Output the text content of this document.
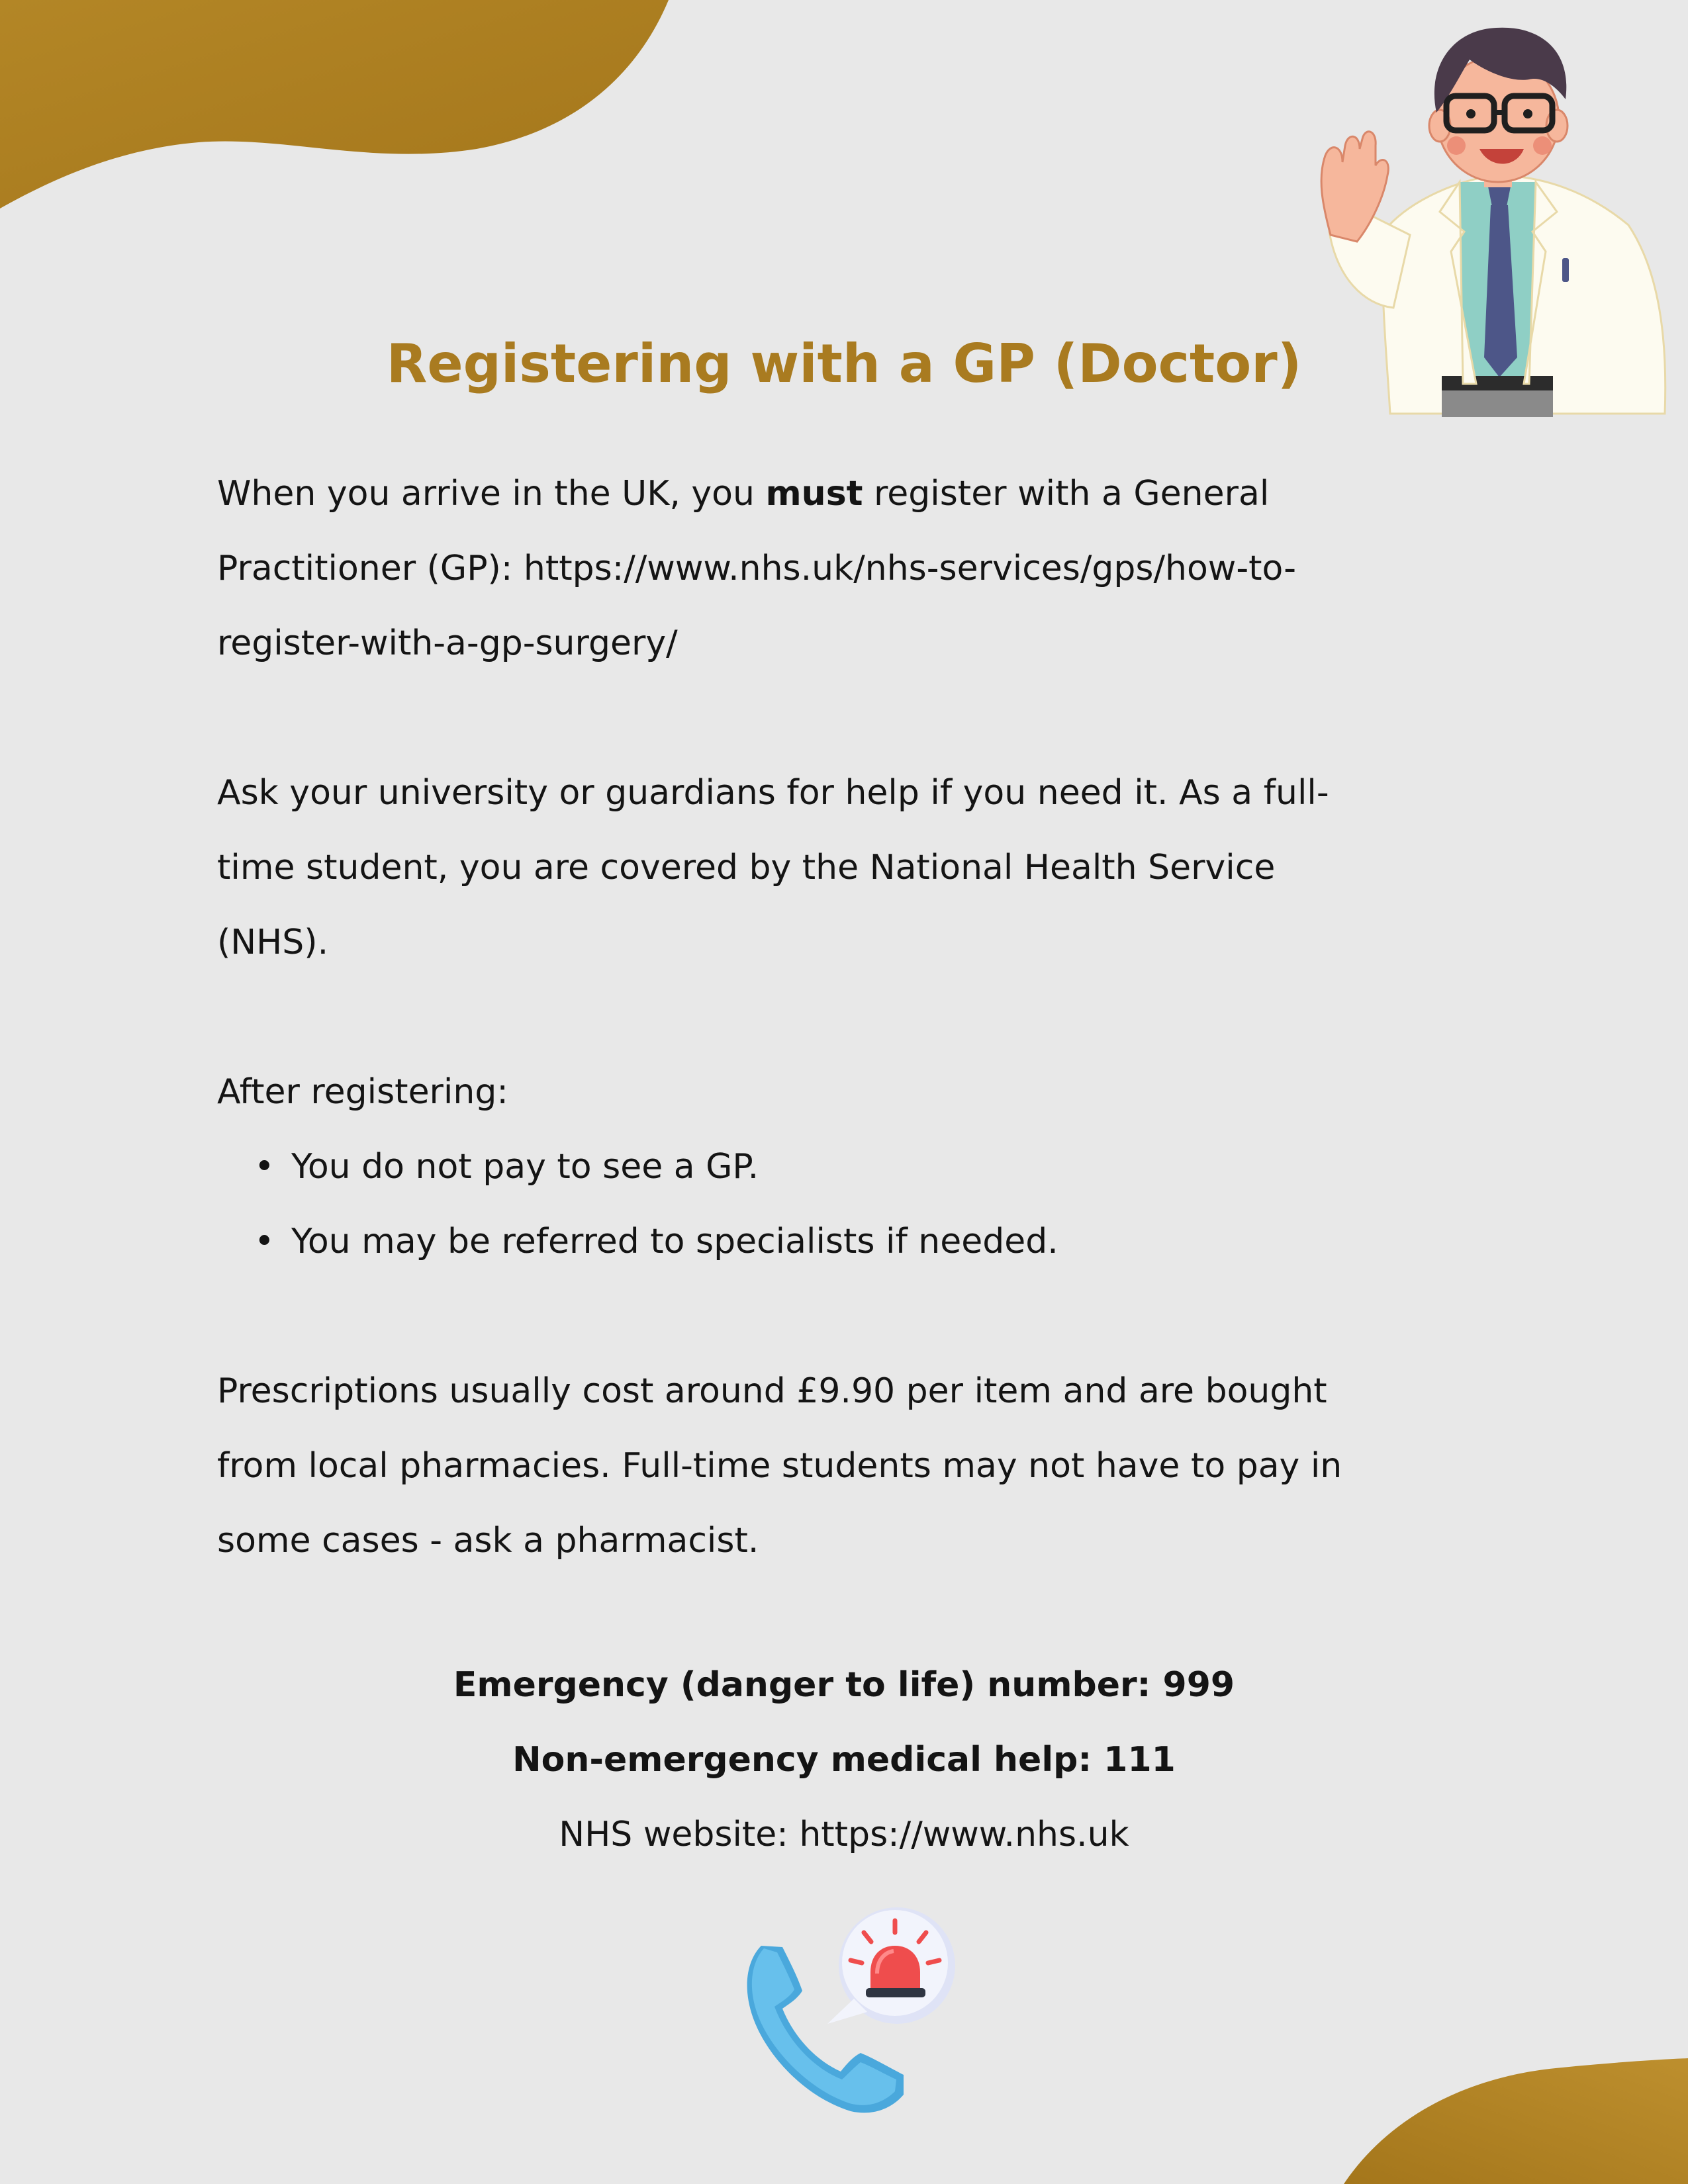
Registering with a GP (Doctor)

When you arrive in the UK, you must register with a General
Practitioner (GP): https://www.nhs.uk/nhs-services/gps/how-to-
register-with-a-gp-surgery/

Ask your university or guardians for help if you need it. As a full-
time student, you are covered by the National Health Service
(NHS).

After registering:

• You do not pay to see a GP.
• You may be referred to specialists if needed.

Prescriptions usually cost around £9.90 per item and are bought
from local pharmacies. Full-time students may not have to pay in
some cases - ask a pharmacist.

Emergency (danger to life) number: 999
Non-emergency medical help: 111
NHS website: https://www.nhs.uk
